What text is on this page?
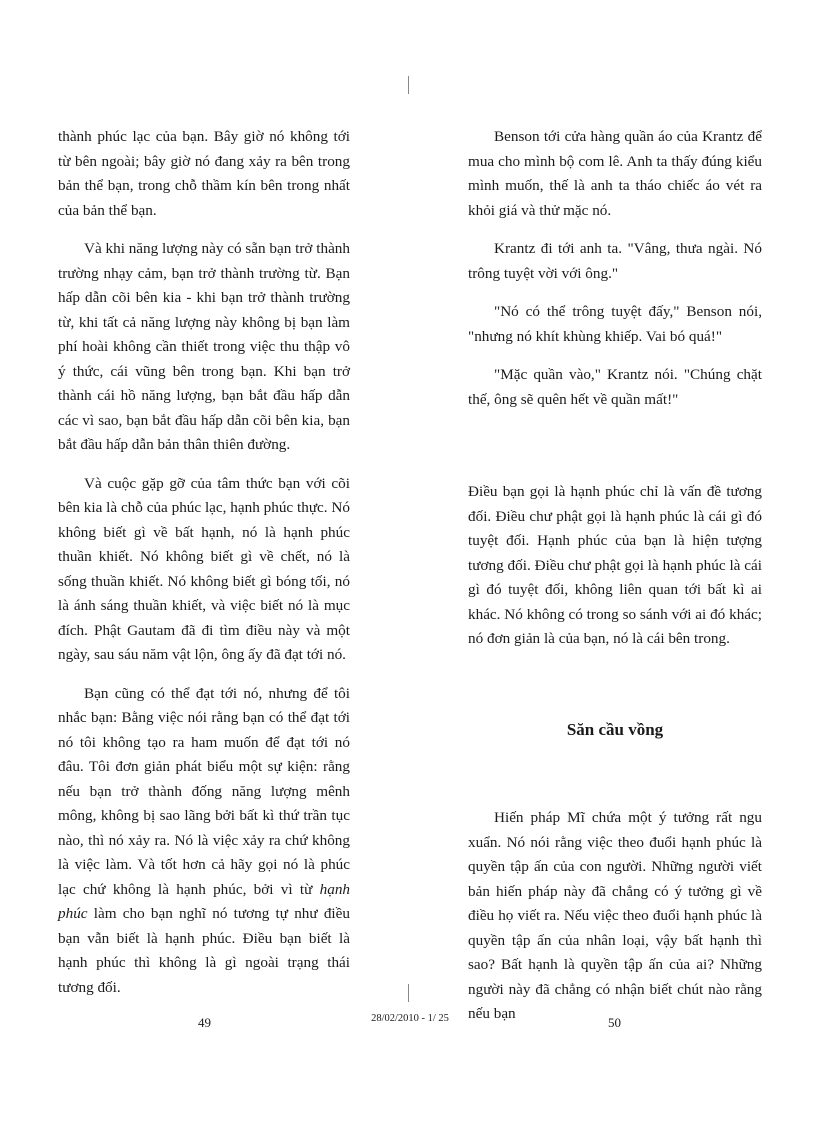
thành phúc lạc của bạn. Bây giờ nó không tới từ bên ngoài; bây giờ nó đang xảy ra bên trong bản thể bạn, trong chỗ thầm kín bên trong nhất của bản thể bạn.

Và khi năng lượng này có sẵn bạn trở thành trường nhạy cảm, bạn trở thành trường từ. Bạn hấp dẫn cõi bên kia - khi bạn trở thành trường từ, khi tất cả năng lượng này không bị bạn làm phí hoài không cần thiết trong việc thu thập vô ý thức, cái vũng bên trong bạn. Khi bạn trở thành cái hồ năng lượng, bạn bắt đầu hấp dẫn các vì sao, bạn bắt đầu hấp dẫn cõi bên kia, bạn bắt đầu hấp dẫn bản thân thiên đường.

Và cuộc gặp gỡ của tâm thức bạn với cõi bên kia là chỗ của phúc lạc, hạnh phúc thực. Nó không biết gì về bất hạnh, nó là hạnh phúc thuần khiết. Nó không biết gì về chết, nó là sống thuần khiết. Nó không biết gì bóng tối, nó là ánh sáng thuần khiết, và việc biết nó là mục đích. Phật Gautam đã đi tìm điều này và một ngày, sau sáu năm vật lộn, ông ấy đã đạt tới nó.

Bạn cũng có thể đạt tới nó, nhưng để tôi nhắc bạn: Bằng việc nói rằng bạn có thể đạt tới nó tôi không tạo ra ham muốn để đạt tới nó đâu. Tôi đơn giản phát biểu một sự kiện: rằng nếu bạn trở thành đống năng lượng mênh mông, không bị sao lãng bởi bất kì thứ trần tục nào, thì nó xảy ra. Nó là việc xảy ra chứ không là việc làm. Và tốt hơn cả hãy gọi nó là phúc lạc chứ không là hạnh phúc, bởi vì từ hạnh phúc làm cho bạn nghĩ nó tương tự như điều bạn vẫn biết là hạnh phúc. Điều bạn biết là hạnh phúc thì không là gì ngoài trạng thái tương đối.

Benson tới cửa hàng quần áo của Krantz để mua cho mình bộ com lê. Anh ta thấy đúng kiểu mình muốn, thế là anh ta tháo chiếc áo vét ra khỏi giá và thử mặc nó.

Krantz đi tới anh ta. "Vâng, thưa ngài. Nó trông tuyệt vời với ông."

"Nó có thể trông tuyệt đấy," Benson nói, "nhưng nó khít khùng khiếp. Vai bó quá!"

"Mặc quần vào," Krantz nói. "Chúng chặt thế, ông sẽ quên hết về quần mất!"

Điều bạn gọi là hạnh phúc chỉ là vấn đề tương đối. Điều chư phật gọi là hạnh phúc là cái gì đó tuyệt đối. Hạnh phúc của bạn là hiện tượng tương đối. Điều chư phật gọi là hạnh phúc là cái gì đó tuyệt đối, không liên quan tới bất kì ai khác. Nó không có trong so sánh với ai đó khác; nó đơn giản là của bạn, nó là cái bên trong.

Săn cầu vồng

Hiến pháp Mĩ chứa một ý tưởng rất ngu xuẩn. Nó nói rằng việc theo đuổi hạnh phúc là quyền tập ấn của con người. Những người viết bản hiến pháp này đã chẳng có ý tưởng gì về điều họ viết ra. Nếu việc theo đuổi hạnh phúc là quyền tập ấn của nhân loại, vậy bất hạnh thì sao? Bất hạnh là quyền tập ấn của ai? Những người này đã chẳng có nhận biết chút nào rằng nếu bạn

49	28/02/2010 - 1/ 25	50
